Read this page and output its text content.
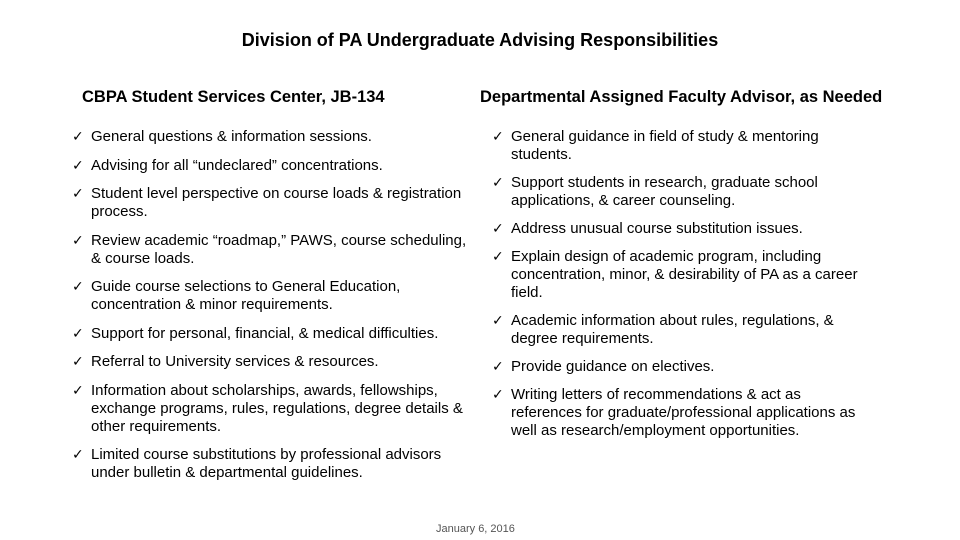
Division of PA Undergraduate Advising Responsibilities
CBPA Student Services Center, JB-134	Departmental Assigned Faculty Advisor, as Needed
✓ General questions & information sessions.
✓ Advising for all “undeclared” concentrations.
✓ Student level perspective on course loads & registration process.
✓ Review academic “roadmap,” PAWS, course scheduling, & course loads.
✓ Guide course selections to General Education, concentration & minor requirements.
✓ Support for personal, financial, & medical difficulties.
✓ Referral to University services & resources.
✓ Information about scholarships, awards, fellowships, exchange programs, rules, regulations, degree details & other requirements.
✓ Limited course substitutions by professional advisors under bulletin & departmental guidelines.
✓ General guidance in field of study & mentoring students.
✓ Support students in research, graduate school applications, & career counseling.
✓ Address unusual course substitution issues.
✓ Explain design of academic program, including concentration, minor, & desirability of PA as a career field.
✓ Academic information about rules, regulations, & degree requirements.
✓ Provide guidance on electives.
✓ Writing letters of recommendations & act as references for graduate/professional applications as well as research/employment opportunities.
January 6, 2016
